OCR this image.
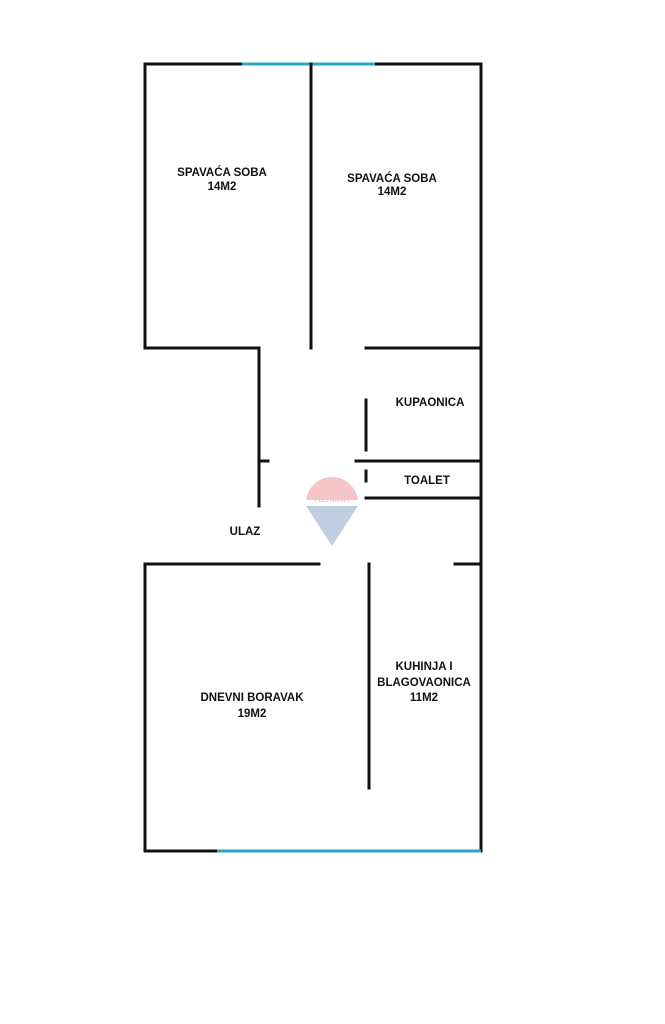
RE/MAX
SPAVAĆA SOBA
14M2
SPAVAĆA SOBA
14M2
KUPAONICA
TOALET
ULAZ
DNEVNI BORAVAK
19M2
KUHINJA I
BLAGOVAONICA
11M2
